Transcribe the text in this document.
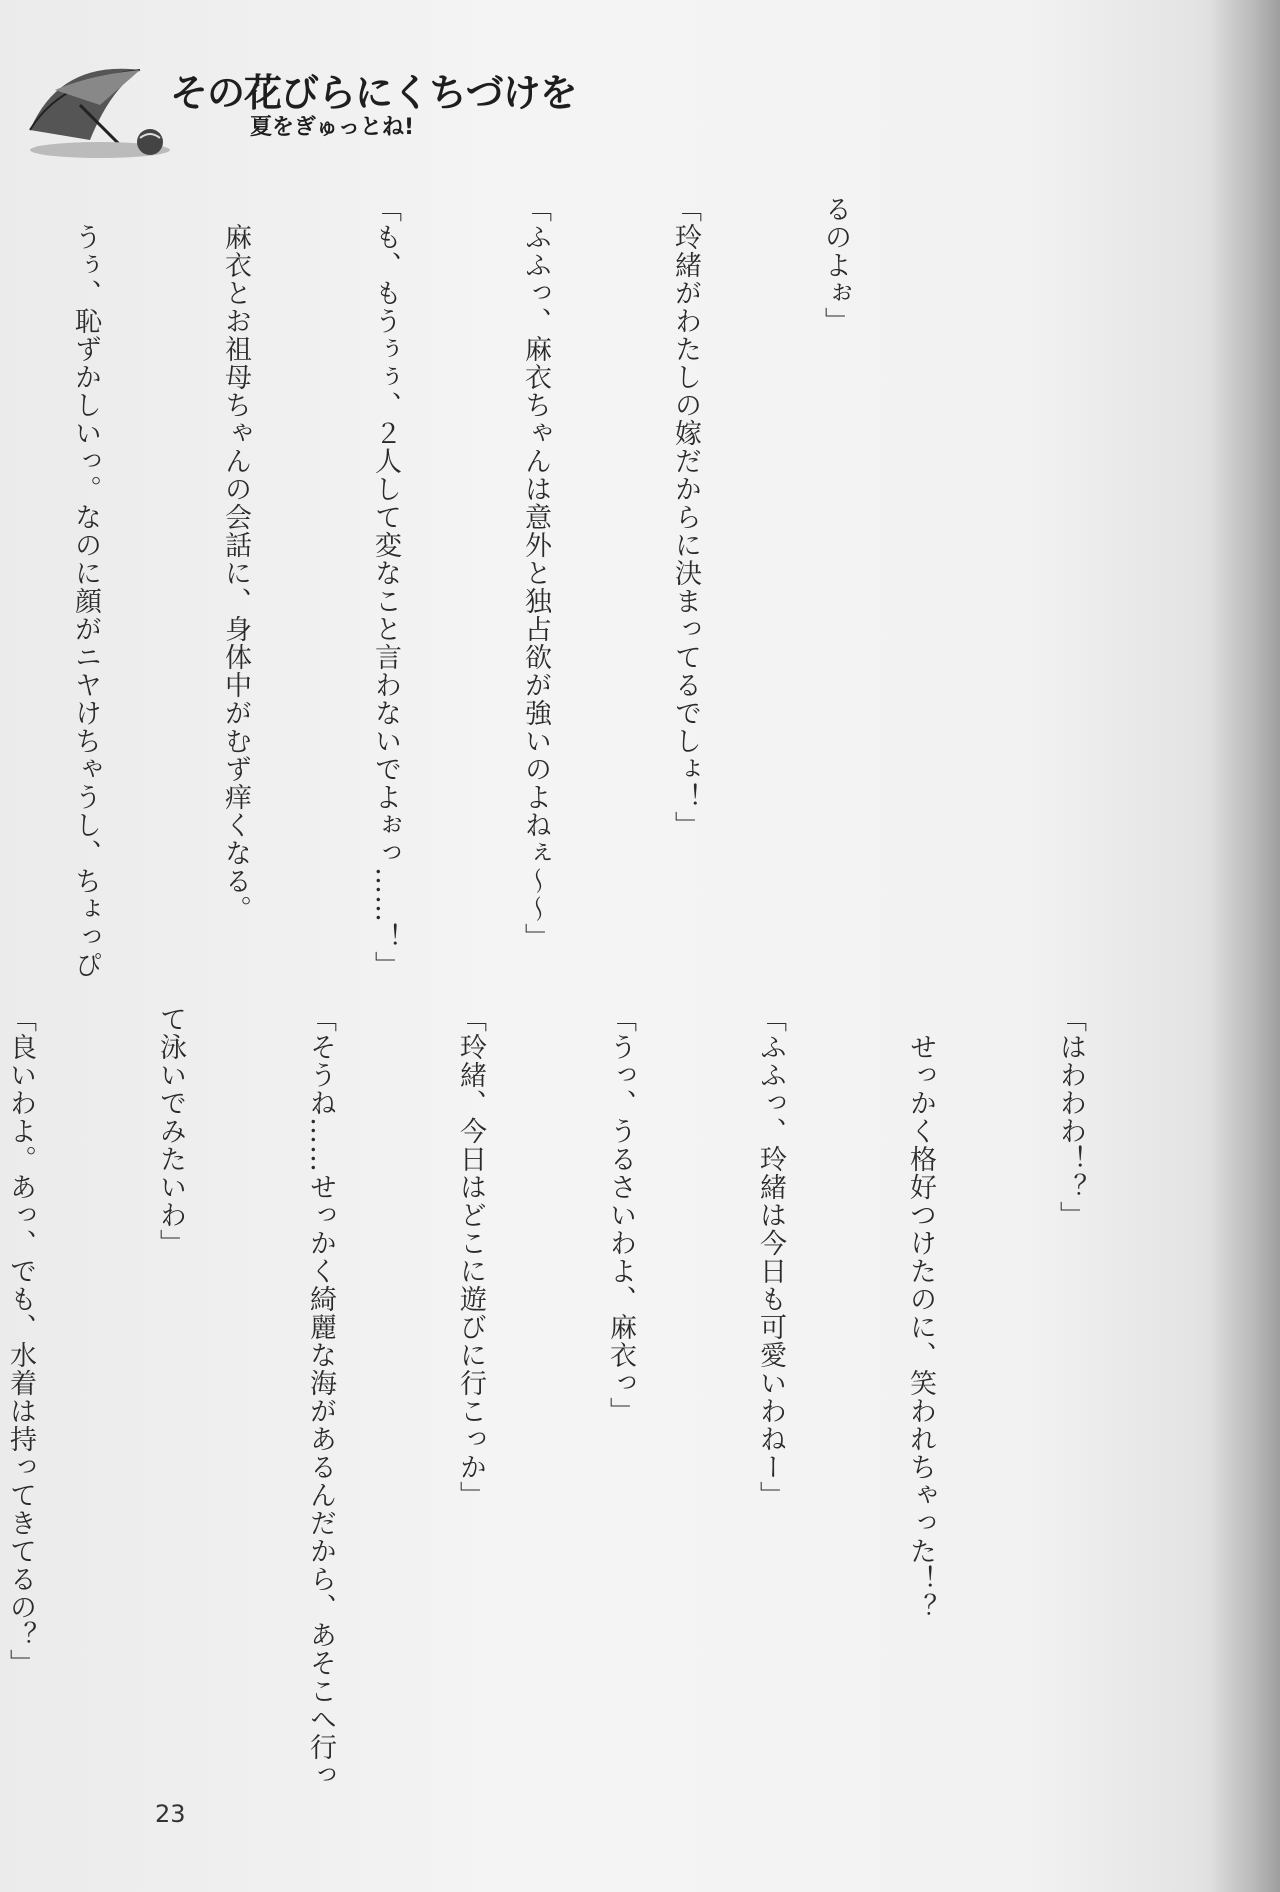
その花びらにくちづけを
夏をぎゅっとね!

るのよぉ」

「玲緒がわたしの嫁だからに決まってるでしょ！」

「ふふっ、麻衣ちゃんは意外と独占欲が強いのよねぇ〜〜」

「も、もうぅぅ、２人して変なこと言わないでよぉっ……！」

　麻衣とお祖母ちゃんの会話に、身体中がむず痒くなる。

　うぅ、恥ずかしいっ。なのに顔がニヤけちゃうし、ちょっぴ

「はわわわ！？」

　せっかく格好つけたのに、笑われちゃった！？

「ふふっ、玲緒は今日も可愛いわねー」

「うっ、うるさいわよ、麻衣っ」

「玲緒、今日はどこに遊びに行こっか」

「そうね……せっかく綺麗な海があるんだから、あそこへ行っ

て泳いでみたいわ」

「良いわよ。あっ、でも、水着は持ってきてるの？」

23
